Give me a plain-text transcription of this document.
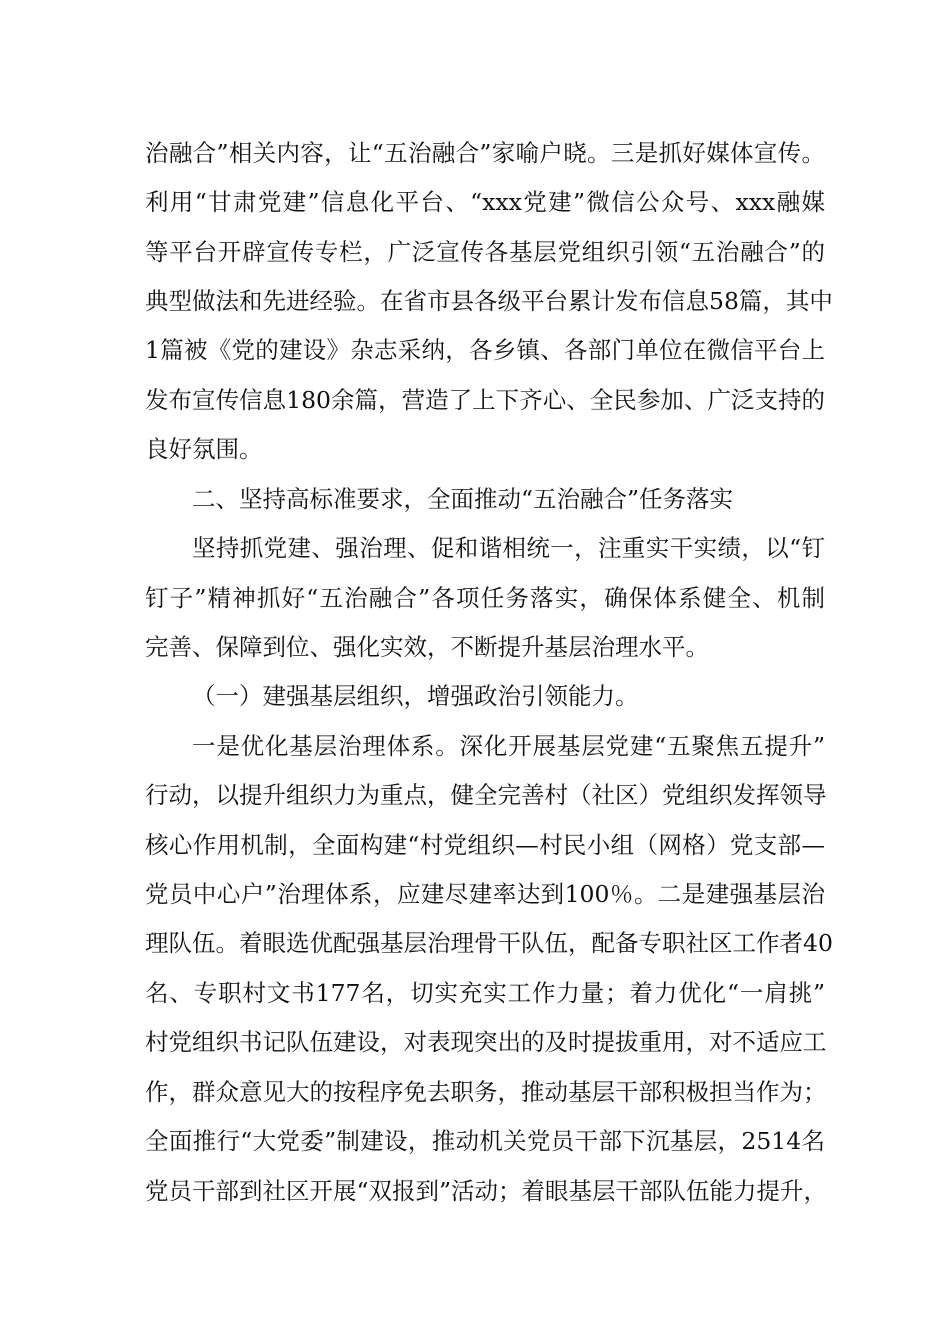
治融合”相关内容，让“五治融合”家喻户晓。三是抓好媒体宣传。
利用“甘肃党建”信息化平台、“xxx党建”微信公众号、xxx融媒
等平台开辟宣传专栏，广泛宣传各基层党组织引领“五治融合”的
典型做法和先进经验。在省市县各级平台累计发布信息58篇，其中
1篇被《党的建设》杂志采纳，各乡镇、各部门单位在微信平台上
发布宣传信息180余篇，营造了上下齐心、全民参加、广泛支持的
良好氛围。
二、坚持高标准要求，全面推动“五治融合”任务落实
坚持抓党建、强治理、促和谐相统一，注重实干实绩，以“钉
钉子”精神抓好“五治融合”各项任务落实，确保体系健全、机制
完善、保障到位、强化实效，不断提升基层治理水平。
（一）建强基层组织，增强政治引领能力。
一是优化基层治理体系。深化开展基层党建“五聚焦五提升”
行动，以提升组织力为重点，健全完善村（社区）党组织发挥领导
核心作用机制，全面构建“村党组织—村民小组（网格）党支部—
党员中心户”治理体系，应建尽建率达到100％。二是建强基层治
理队伍。着眼选优配强基层治理骨干队伍，配备专职社区工作者40
名、专职村文书177名，切实充实工作力量；着力优化“一肩挑”
村党组织书记队伍建设，对表现突出的及时提拔重用，对不适应工
作，群众意见大的按程序免去职务，推动基层干部积极担当作为；
全面推行“大党委”制建设，推动机关党员干部下沉基层，2514名
党员干部到社区开展“双报到”活动；着眼基层干部队伍能力提升，
